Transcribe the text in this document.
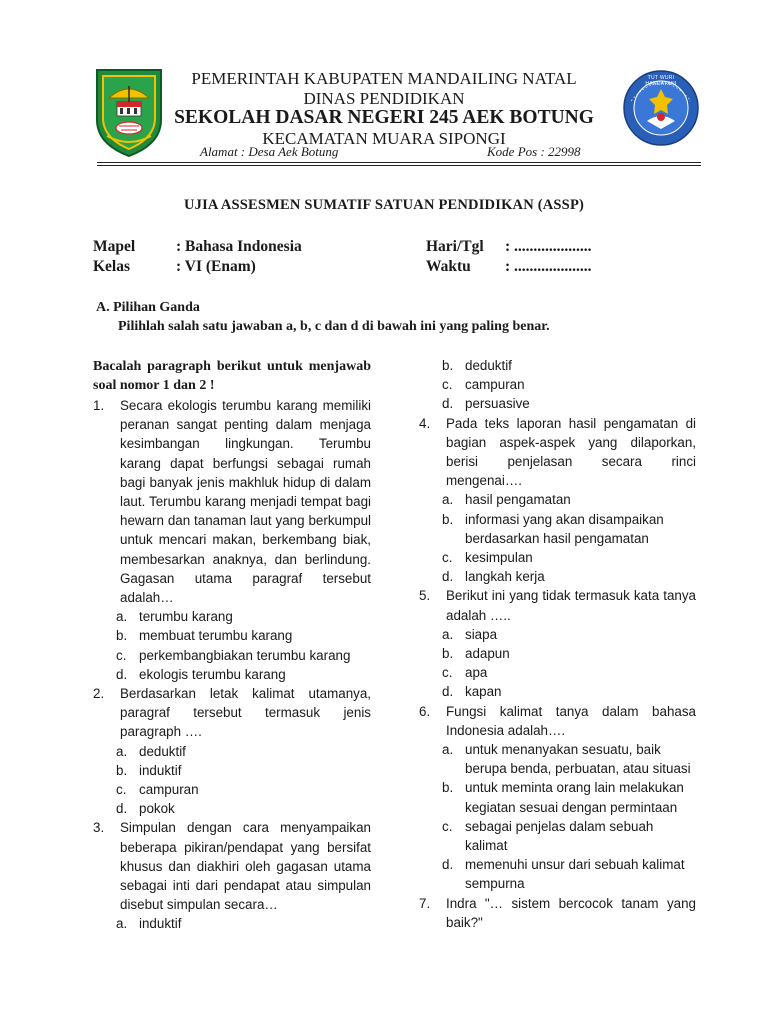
TUT WURI HANDAYANI
PEMERINTAH KABUPATEN MANDAILING NATAL
DINAS PENDIDIKAN
SEKOLAH DASAR NEGERI 245 AEK BOTUNG
KECAMATAN MUARA SIPONGI
Alamat : Desa Aek Botung	Kode Pos : 22998
UJIA ASSESMEN SUMATIF SATUAN PENDIDIKAN (ASSP)
Mapel	: Bahasa Indonesia
Kelas	: VI (Enam)
Hari/Tgl : ....................
Waktu : ....................
A. Pilihan Ganda
Pilihlah salah satu jawaban a, b, c dan d di bawah ini yang paling benar.

Bacalah paragraph berikut untuk menjawab soal nomor 1 dan 2 !

1.	Secara ekologis terumbu karang memiliki peranan sangat penting dalam menjaga kesimbangan lingkungan. Terumbu karang dapat berfungsi sebagai rumah bagi banyak jenis makhluk hidup di dalam laut. Terumbu karang menjadi tempat bagi hewarn dan tanaman laut yang berkumpul untuk mencari makan, berkembang biak, membesarkan anaknya, dan berlindung. Gagasan utama paragraf tersebut adalah…
a. terumbu karang
b. membuat terumbu karang
c. perkembangbiakan terumbu karang
d. ekologis terumbu karang
2.	Berdasarkan letak kalimat utamanya, paragraf tersebut termasuk jenis paragraph ….
a. deduktif
b. induktif
c. campuran
d. pokok
3.	Simpulan dengan cara menyampaikan beberapa pikiran/pendapat yang bersifat khusus dan diakhiri oleh gagasan utama sebagai inti dari pendapat atau simpulan disebut simpulan secara…
a. induktif
b. deduktif
c. campuran
d. persuasive
4.	Pada teks laporan hasil pengamatan di bagian aspek-aspek yang dilaporkan, berisi penjelasan secara rinci mengenai….
a. hasil pengamatan
b. informasi yang akan disampaikan berdasarkan hasil pengamatan
c. kesimpulan
d. langkah kerja
5.	Berikut ini yang tidak termasuk kata tanya adalah …..
a. siapa
b. adapun
c. apa
d. kapan
6.	Fungsi kalimat tanya dalam bahasa Indonesia adalah….
a. untuk menanyakan sesuatu, baik berupa benda, perbuatan, atau situasi
b. untuk meminta orang lain melakukan kegiatan sesuai dengan permintaan
c. sebagai penjelas dalam sebuah kalimat
d. memenuhi unsur dari sebuah kalimat sempurna
7.	Indra "… sistem bercocok tanam yang baik?"
